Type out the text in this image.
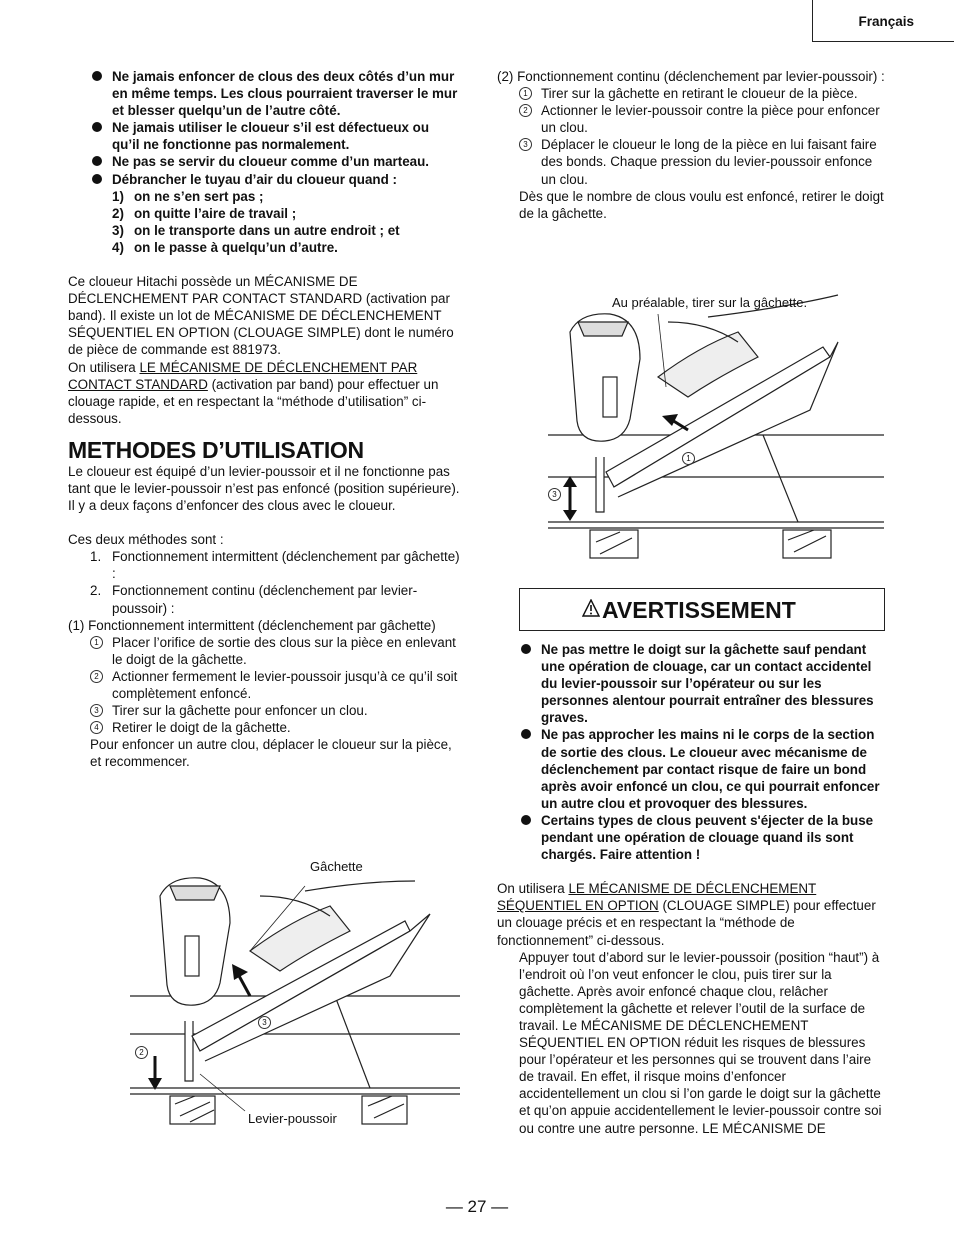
Français
Ne jamais enfoncer de clous des deux côtés d’un mur en même temps. Les clous pourraient traverser le mur et blesser quelqu’un de l’autre côté.
Ne jamais utiliser le cloueur s’il est défectueux ou qu’il ne fonctionne pas normalement.
Ne pas se servir du cloueur comme d’un marteau.
Débrancher le tuyau d’air du cloueur quand :
1) on ne s’en sert pas ;
2) on quitte l’aire de travail ;
3) on le transporte dans un autre endroit ; et
4) on le passe à quelqu’un d’autre.
Ce cloueur Hitachi possède un MÉCANISME DE DÉCLENCHEMENT PAR CONTACT STANDARD (activation par band). Il existe un lot de MÉCANISME DE DÉCLENCHEMENT SÉQUENTIEL EN OPTION (CLOUAGE SIMPLE) dont le numéro de pièce de commande est 881973.
On utilisera LE MÉCANISME DE DÉCLENCHEMENT PAR CONTACT STANDARD (activation par band) pour effectuer un clouage rapide, et en respectant la “méthode d’utilisation” ci-dessous.
METHODES D’UTILISATION
Le cloueur est équipé d’un levier-poussoir et il ne fonctionne pas tant que le levier-poussoir n’est pas enfoncé (position supérieure).
Il y a deux façons d’enfoncer des clous avec le cloueur.
Ces deux méthodes sont :
1. Fonctionnement intermittent (déclenchement par gâchette) :
2. Fonctionnement continu (déclenchement par levier-poussoir) :
(1) Fonctionnement intermittent (déclenchement par gâchette)
1 Placer l’orifice de sortie des clous sur la pièce en enlevant le doigt de la gâchette.
2 Actionner fermement le levier-poussoir jusqu’à ce qu’il soit complètement enfoncé.
3 Tirer sur la gâchette pour enfoncer un clou.
4 Retirer le doigt de la gâchette.
Pour enfoncer un autre clou, déplacer le cloueur sur la pièce, et recommencer.
Gâchette
Levier-poussoir
3
2
(2) Fonctionnement continu (déclenchement par levier-poussoir) :
1 Tirer sur la gâchette en retirant le cloueur de la pièce.
2 Actionner le levier-poussoir contre la pièce pour enfoncer un clou.
3 Déplacer le cloueur le long de la pièce en lui faisant faire des bonds. Chaque pression du levier-poussoir enfonce un clou.
Dès que le nombre de clous voulu est enfoncé, retirer le doigt de la gâchette.
Au préalable, tirer sur la gâchette.
1
3
AVERTISSEMENT
Ne pas mettre le doigt sur la gâchette sauf pendant une opération de clouage, car un contact accidentel du levier-poussoir sur l’opérateur ou sur les personnes alentour pourrait entraîner des blessures graves.
Ne pas approcher les mains ni le corps de la section de sortie des clous. Le cloueur avec mécanisme de déclenchement par contact risque de faire un bond après avoir enfoncé un clou, ce qui pourrait enfoncer un autre clou et provoquer des blessures.
Certains types de clous peuvent s'éjecter de la buse pendant une opération de clouage quand ils sont chargés. Faire attention !
On utilisera LE MÉCANISME DE DÉCLENCHEMENT SÉQUENTIEL EN OPTION (CLOUAGE SIMPLE) pour effectuer un clouage précis et en respectant la “méthode de fonctionnement” ci-dessous.
Appuyer tout d’abord sur le levier-poussoir (position “haut”) à l’endroit où l’on veut enfoncer le clou, puis tirer sur la gâchette. Après avoir enfoncé chaque clou, relâcher complètement la gâchette et relever l’outil de la surface de travail. Le MÉCANISME DE DÉCLENCHEMENT SÉQUENTIEL EN OPTION réduit les risques de blessures pour l’opérateur et les personnes qui se trouvent dans l’aire de travail. En effet, il risque moins d’enfoncer accidentellement un clou si l’on garde le doigt sur la gâchette et qu’on appuie accidentellement le levier-poussoir contre soi ou contre une autre personne. LE MÉCANISME DE
— 27 —
